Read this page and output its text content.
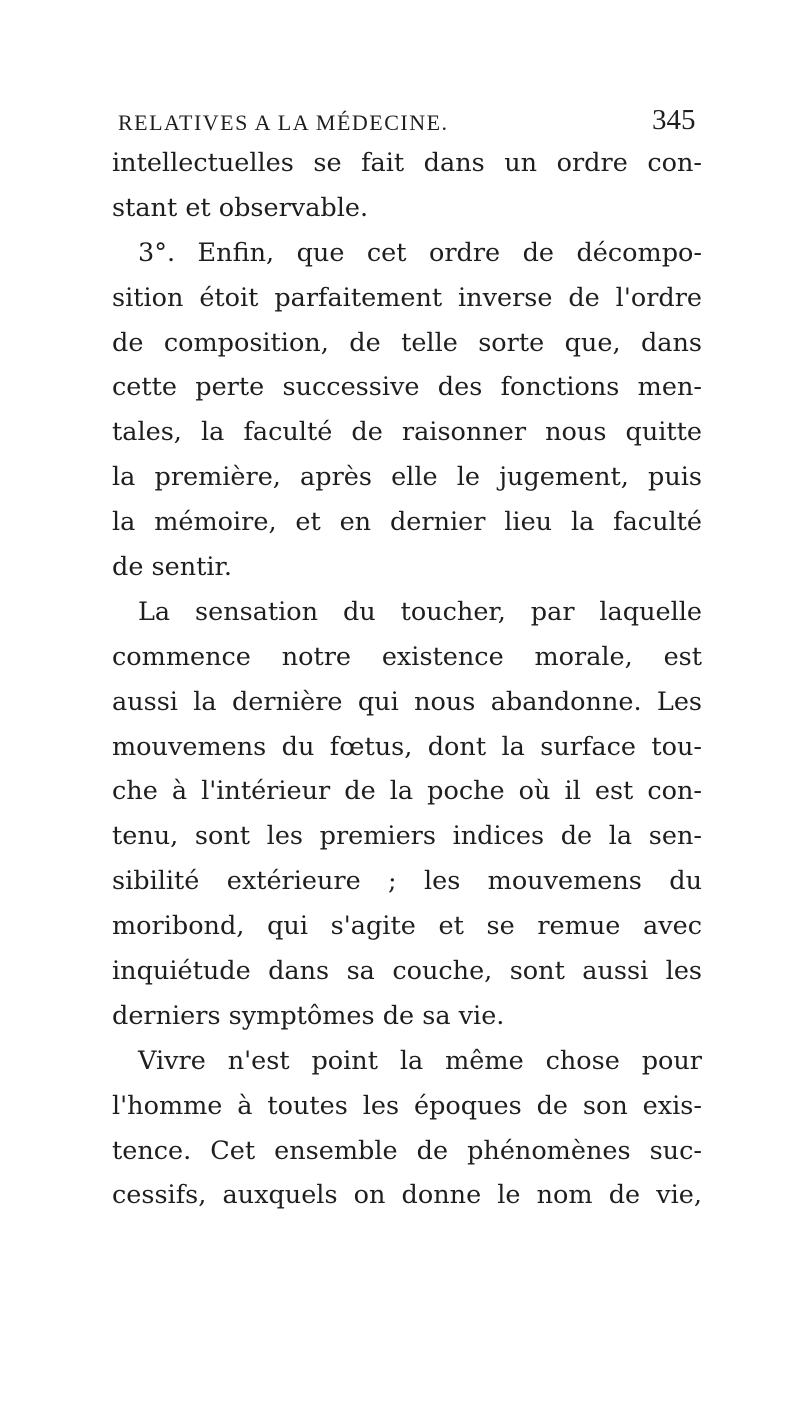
RELATIVES A LA MÉDECINE.	345
intellectuelles se fait dans un ordre con-
stant et observable.
3°. Enfin, que cet ordre de décompo-
sition étoit parfaitement inverse de l'ordre
de composition, de telle sorte que, dans
cette perte successive des fonctions men-
tales, la faculté de raisonner nous quitte
la première, après elle le jugement, puis
la mémoire, et en dernier lieu la faculté
de sentir.
La sensation du toucher, par laquelle
commence notre existence morale, est
aussi la dernière qui nous abandonne. Les
mouvemens du fœtus, dont la surface tou-
che à l'intérieur de la poche où il est con-
tenu, sont les premiers indices de la sen-
sibilité extérieure ; les mouvemens du
moribond, qui s'agite et se remue avec
inquiétude dans sa couche, sont aussi les
derniers symptômes de sa vie.
Vivre n'est point la même chose pour
l'homme à toutes les époques de son exis-
tence. Cet ensemble de phénomènes suc-
cessifs, auxquels on donne le nom de vie,
